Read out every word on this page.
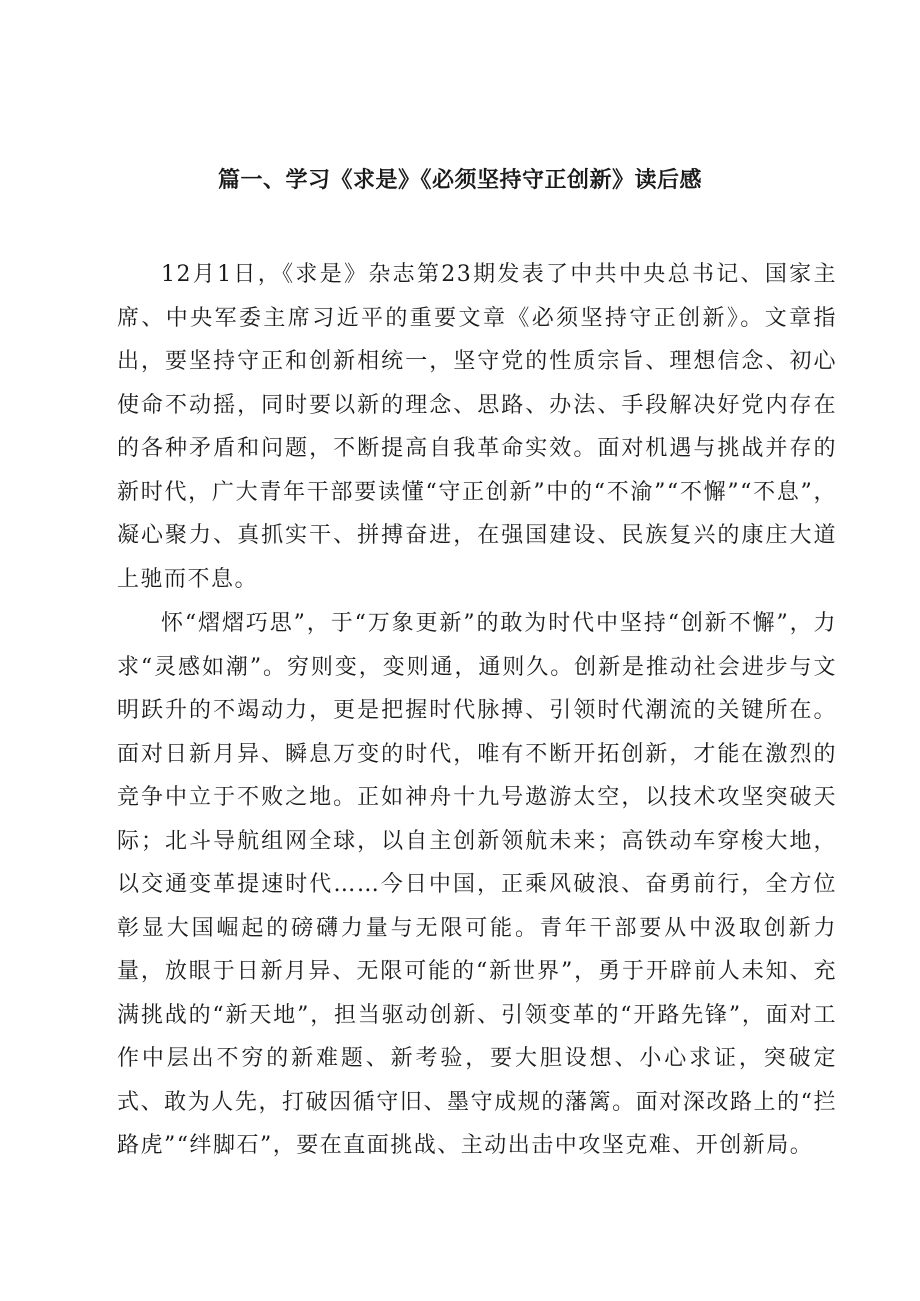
篇一、学习《求是》《必须坚持守正创新》读后感

12月1日，《求是》杂志第23期发表了中共中央总书记、国家主席、中央军委主席习近平的重要文章《必须坚持守正创新》。文章指出，要坚持守正和创新相统一，坚守党的性质宗旨、理想信念、初心使命不动摇，同时要以新的理念、思路、办法、手段解决好党内存在的各种矛盾和问题，不断提高自我革命实效。面对机遇与挑战并存的新时代，广大青年干部要读懂“守正创新”中的“不渝”“不懈”“不息”，凝心聚力、真抓实干、拼搏奋进，在强国建设、民族复兴的康庄大道上驰而不息。

怀“熠熠巧思”，于“万象更新”的敢为时代中坚持“创新不懈”，力求“灵感如潮”。穷则变，变则通，通则久。创新是推动社会进步与文明跃升的不竭动力，更是把握时代脉搏、引领时代潮流的关键所在。面对日新月异、瞬息万变的时代，唯有不断开拓创新，才能在激烈的竞争中立于不败之地。正如神舟十九号遨游太空，以技术攻坚突破天际；北斗导航组网全球，以自主创新领航未来；高铁动车穿梭大地，以交通变革提速时代……今日中国，正乘风破浪、奋勇前行，全方位彰显大国崛起的磅礴力量与无限可能。青年干部要从中汲取创新力量，放眼于日新月异、无限可能的“新世界”，勇于开辟前人未知、充满挑战的“新天地”，担当驱动创新、引领变革的“开路先锋”，面对工作中层出不穷的新难题、新考验，要大胆设想、小心求证，突破定式、敢为人先，打破因循守旧、墨守成规的藩篱。面对深改路上的“拦路虎”“绊脚石”，要在直面挑战、主动出击中攻坚克难、开创新局。
